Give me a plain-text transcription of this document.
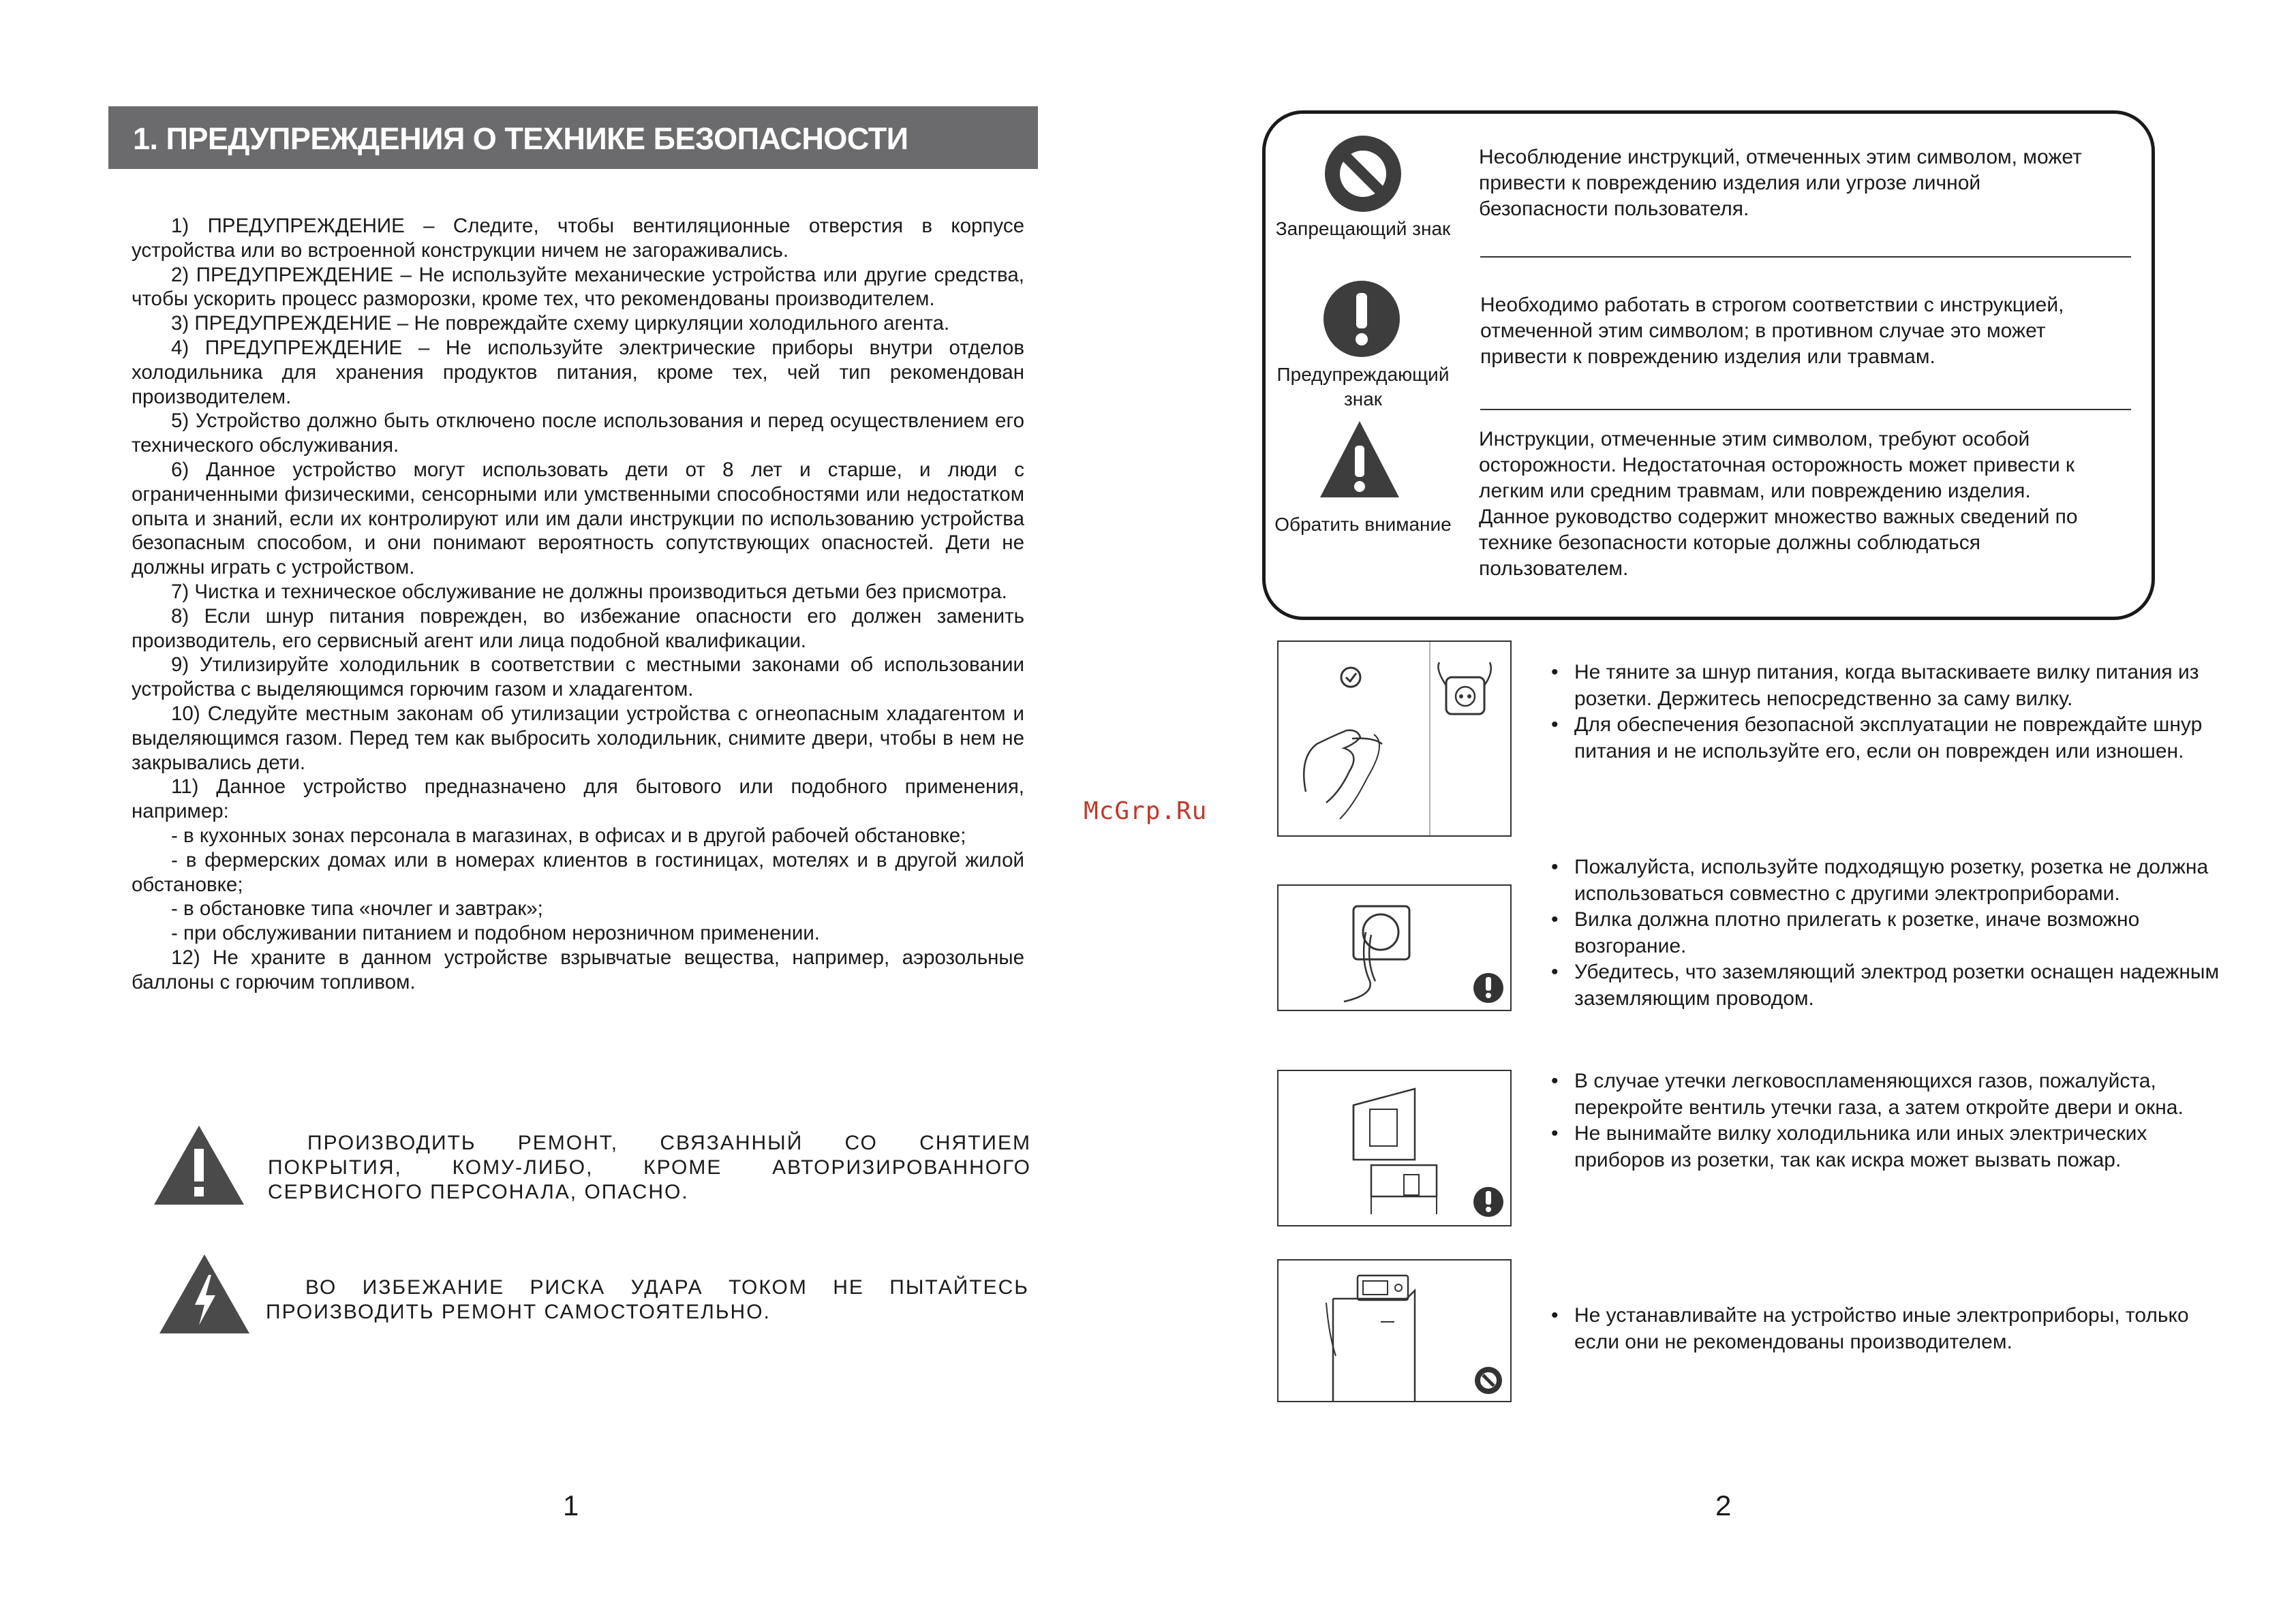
1. ПРЕДУПРЕЖДЕНИЯ О ТЕХНИКЕ БЕЗОПАСНОСТИ

1) ПРЕДУПРЕЖДЕНИЕ – Следите, чтобы вентиляционные отверстия в корпусе устройства или во встроенной конструкции ничем не загораживались.

2) ПРЕДУПРЕЖДЕНИЕ – Не используйте механические устройства или другие средства, чтобы ускорить процесс разморозки, кроме тех, что рекомендованы производителем.

3) ПРЕДУПРЕЖДЕНИЕ – Не повреждайте схему циркуляции холодильного агента.

4) ПРЕДУПРЕЖДЕНИЕ – Не используйте электрические приборы внутри отделов холодильника для хранения продуктов питания, кроме тех, чей тип рекомендован производителем.

5) Устройство должно быть отключено после использования и перед осуществлением его технического обслуживания.

6) Данное устройство могут использовать дети от 8 лет и старше, и люди с ограниченными физическими, сенсорными или умственными способностями или недостатком опыта и знаний, если их контролируют или им дали инструкции по использованию устройства безопасным способом, и они понимают вероятность сопутствующих опасностей. Дети не должны играть с устройством.

7) Чистка и техническое обслуживание не должны производиться детьми без присмотра.

8) Если шнур питания поврежден, во избежание опасности его должен заменить производитель, его сервисный агент или лица подобной квалификации.

9) Утилизируйте холодильник в соответствии с местными законами об использовании устройства с выделяющимся горючим газом и хладагентом.

10) Следуйте местным законам об утилизации устройства с огнеопасным хладагентом и выделяющимся газом. Перед тем как выбросить холодильник, снимите двери, чтобы в нем не закрывались дети.

11) Данное устройство предназначено для бытового или подобного применения, например:

- в кухонных зонах персонала в магазинах, в офисах и в другой рабочей обстановке;

- в фермерских домах или в номерах клиентов в гостиницах, мотелях и в другой жилой обстановке;

- в обстановке типа «ночлег и завтрак»;

- при обслуживании питанием и подобном нерозничном применении.

12) Не храните в данном устройстве взрывчатые вещества, например, аэрозольные баллоны с горючим топливом.

ПРОИЗВОДИТЬ РЕМОНТ, СВЯЗАННЫЙ СО СНЯТИЕМ ПОКРЫТИЯ, КОМУ-ЛИБО, КРОМЕ АВТОРИЗИРОВАННОГО СЕРВИСНОГО ПЕРСОНАЛА, ОПАСНО.
ВО ИЗБЕЖАНИЕ РИСКА УДАРА ТОКОМ НЕ ПЫТАЙТЕСЬ ПРОИЗВОДИТЬ РЕМОНТ САМОСТОЯТЕЛЬНО.
1
McGrp.Ru
Запрещающий знак
Несоблюдение инструкций, отмеченных этим символом, может привести к повреждению изделия или угрозе личной безопасности пользователя.
Предупреждающий знак
Необходимо работать в строгом соответствии с инструкцией, отмеченной этим символом; в противном случае это может привести к повреждению изделия или травмам.
Обратить внимание
Инструкции, отмеченные этим символом, требуют особой осторожности. Недостаточная осторожность может привести к легким или средним травмам, или повреждению изделия.
Данное руководство содержит множество важных сведений по технике безопасности которые должны соблюдаться пользователем.
• Не тяните за шнур питания, когда вытаскиваете вилку питания из розетки. Держитесь непосредственно за саму вилку.
• Для обеспечения безопасной эксплуатации не повреждайте шнур питания и не используйте его, если он поврежден или изношен.
• Пожалуйста, используйте подходящую розетку, розетка не должна использоваться совместно с другими электроприборами.
• Вилка должна плотно прилегать к розетке, иначе возможно возгорание.
• Убедитесь, что заземляющий электрод розетки оснащен надежным заземляющим проводом.
• В случае утечки легковоспламеняющихся газов, пожалуйста, перекройте вентиль утечки газа, а затем откройте двери и окна.
• Не вынимайте вилку холодильника или иных электрических приборов из розетки, так как искра может вызвать пожар.
• Не устанавливайте на устройство иные электроприборы, только если они не рекомендованы производителем.
2
